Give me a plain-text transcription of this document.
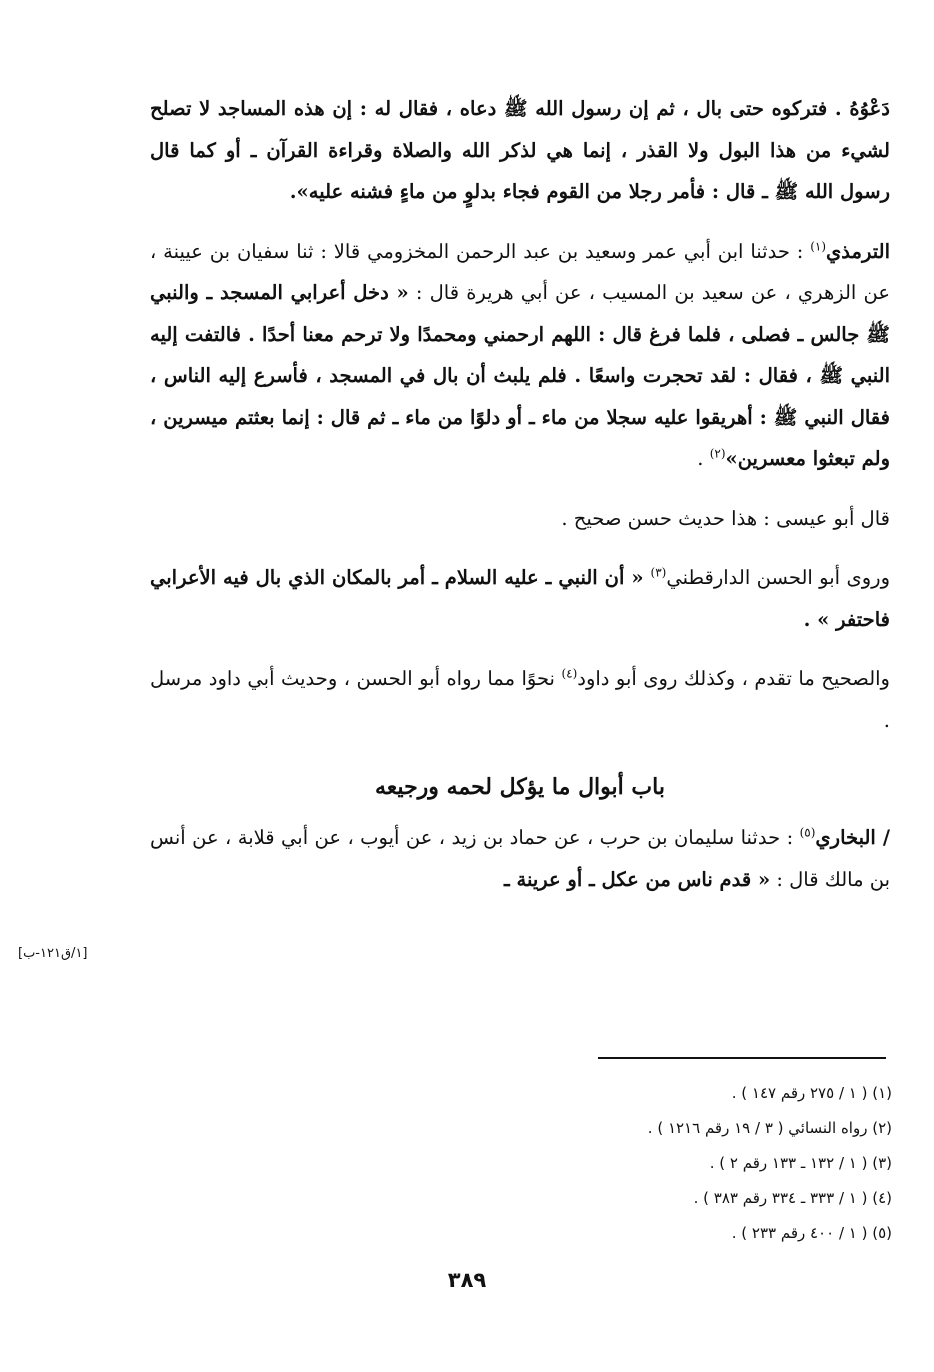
دَعْوُهُ . فتركوه حتى بال ، ثم إن رسول الله ﷺ دعاه ، فقال له : إن هذه المساجد لا تصلح لشيء من هذا البول ولا القذر ، إنما هي لذكر الله والصلاة وقراءة القرآن ـ أو كما قال رسول الله ﷺ ـ قال : فأمر رجلا من القوم فجاء بدلوٍ من ماءٍ فشنه عليه».

الترمذي$^{(١)}$ : حدثنا ابن أبي عمر وسعيد بن عبد الرحمن المخزومي قالا : ثنا سفيان بن عيينة ، عن الزهري ، عن سعيد بن المسيب ، عن أبي هريرة قال : « دخل أعرابي المسجد ـ والنبي ﷺ جالس ـ فصلى ، فلما فرغ قال : اللهم ارحمني ومحمدًا ولا ترحم معنا أحدًا . فالتفت إليه النبي ﷺ ، فقال : لقد تحجرت واسعًا . فلم يلبث أن بال في المسجد ، فأسرع إليه الناس ، فقال النبي ﷺ : أهريقوا عليه سجلا من ماء ـ أو دلوًا من ماء ـ ثم قال : إنما بعثتم ميسرين ، ولم تبعثوا معسرين»$^{(٢)}$ .

قال أبو عيسى : هذا حديث حسن صحيح .

وروى أبو الحسن الدارقطني$^{(٣)}$ « أن النبي ـ عليه السلام ـ أمر بالمكان الذي بال فيه الأعرابي فاحتفر » .

والصحيح ما تقدم ، وكذلك روى أبو داود$^{(٤)}$ نحوًا مما رواه أبو الحسن ، وحديث أبي داود مرسل .

باب أبوال ما يؤكل لحمه ورجيعه

/ البخاري$^{(٥)}$ : حدثنا سليمان بن حرب ، عن حماد بن زيد ، عن أيوب ، عن أبي قلابة ، عن أنس بن مالك قال : « قدم ناس من عكل ـ أو عرينة ـ

[١/ق١٢١-ب]

(١) ( ١ / ٢٧٥ رقم ١٤٧ ) .

(٢) رواه النسائي ( ٣ / ١٩ رقم ١٢١٦ ) .

(٣) ( ١ / ١٣٢ ـ ١٣٣ رقم ٢ ) .

(٤) ( ١ / ٣٣٣ ـ ٣٣٤ رقم ٣٨٣ ) .

(٥) ( ١ / ٤٠٠ رقم ٢٣٣ ) .

٣٨٩
